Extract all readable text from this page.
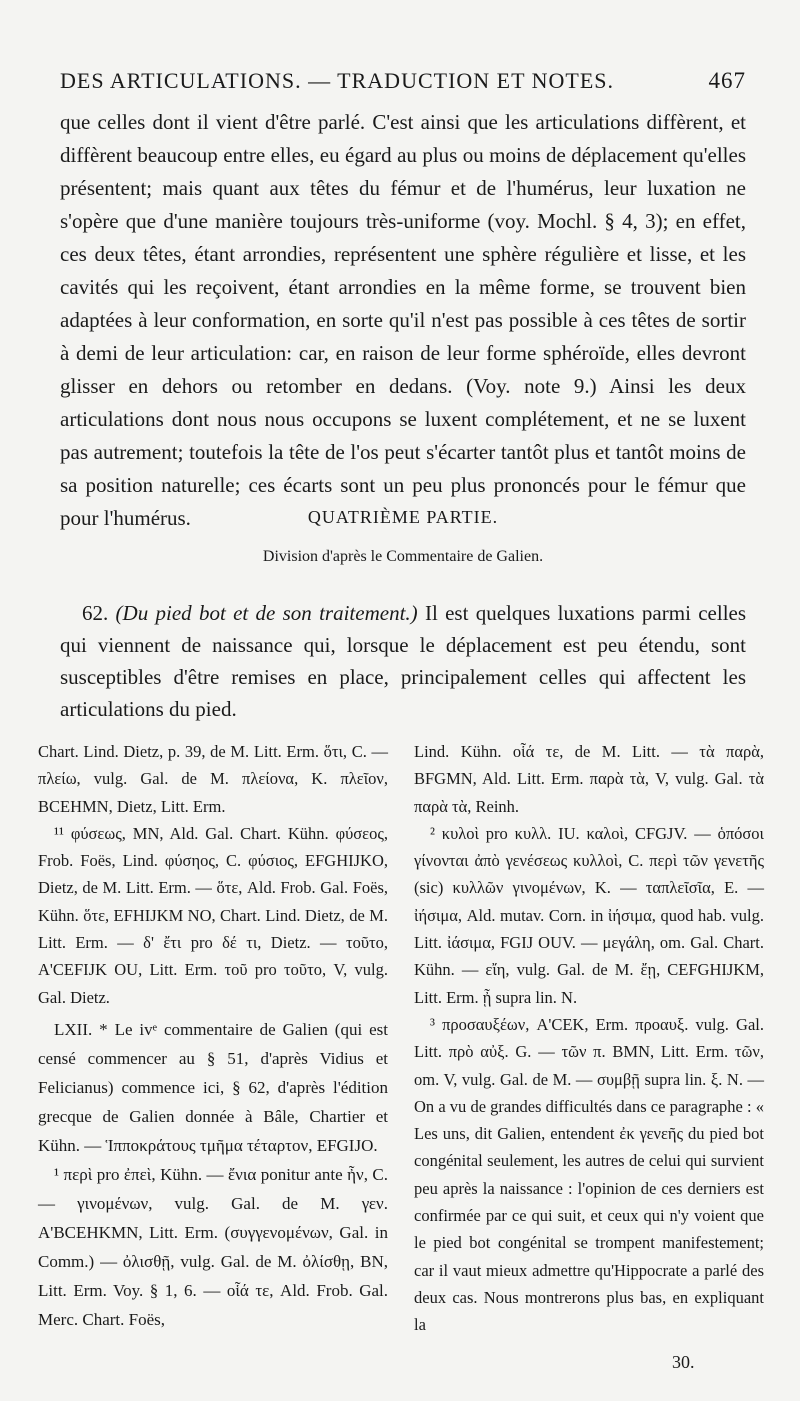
DES ARTICULATIONS. — TRADUCTION ET NOTES.	467

que celles dont il vient d'être parlé. C'est ainsi que les articulations diffèrent, et diffèrent beaucoup entre elles, eu égard au plus ou moins de déplacement qu'elles présentent; mais quant aux têtes du fémur et de l'humérus, leur luxation ne s'opère que d'une manière toujours très-uniforme (voy. Mochl. § 4, 3); en effet, ces deux têtes, étant arrondies, représentent une sphère régulière et lisse, et les cavités qui les reçoivent, étant arrondies en la même forme, se trouvent bien adaptées à leur conformation, en sorte qu'il n'est pas possible à ces têtes de sortir à demi de leur articulation: car, en raison de leur forme sphéroïde, elles devront glisser en dehors ou retomber en dedans. (Voy. note 9.) Ainsi les deux articulations dont nous nous occupons se luxent complétement, et ne se luxent pas autrement; toutefois la tête de l'os peut s'écarter tantôt plus et tantôt moins de sa position naturelle; ces écarts sont un peu plus prononcés pour le fémur que pour l'humérus.	QUATRIÈME PARTIE.
Division d'après le Commentaire de Galien.

62. (Du pied bot et de son traitement.) Il est quelques luxations parmi celles qui viennent de naissance qui, lorsque le déplacement est peu étendu, sont susceptibles d'être remises en place, principalement celles qui affectent les articulations du pied.

Chart. Lind. Dietz, p. 39, de M. Litt. Erm. ὅτι, C. — πλείω, vulg. Gal. de M. πλείονα, K. πλεῖον, BCEHMN, Dietz, Litt. Erm.

¹¹ φύσεως, MN, Ald. Gal. Chart. Kühn. φύσεος, Frob. Foës, Lind. φύσηος, C. φύσιος, EFGHIJKO, Dietz, de M. Litt. Erm. — ὅτε, Ald. Frob. Gal. Foës, Kühn. ὅτε, EFHIJKM NO, Chart. Lind. Dietz, de M. Litt. Erm. — δ' ἔτι pro δέ τι, Dietz. — τοῦτο, A'CEFIJK OU, Litt. Erm. τοῦ pro τοῦτο, V, vulg. Gal. Dietz.

LXII. * Le ivᵉ commentaire de Galien (qui est censé commencer au § 51, d'après Vidius et Felicianus) commence ici, § 62, d'après l'édition grecque de Galien donnée à Bâle, Chartier et Kühn. — Ἱπποκράτους τμῆμα τέταρτον, EFGIJO.

¹ περὶ pro ἐπεὶ, Kühn. — ἔνια ponitur ante ἦν, C. — γινομένων, vulg. Gal. de M. γεν. A'BCEHKMN, Litt. Erm. (συγγενομένων, Gal. in Comm.) — ὀλισθῇ, vulg. Gal. de M. ὀλίσθῃ, BN, Litt. Erm. Voy. § 1, 6. — οἷά τε, Ald. Frob. Gal. Merc. Chart. Foës,

Lind. Kühn. οἷά τε, de M. Litt. — τὰ παρὰ, BFGMN, Ald. Litt. Erm. παρὰ τὰ, V, vulg. Gal. τὰ παρὰ τὰ, Reinh.

² κυλοὶ pro κυλλ. IU. καλοὶ, CFGJV. — ὁπόσοι γίνονται ἀπὸ γενέσεως κυλλοὶ, C. περὶ τῶν γενετῆς (sic) κυλλῶν γινομένων, K. — ταπλεῖσῖα, E. — ἰήσιμα, Ald. mutav. Corn. in ἰήσιμα, quod hab. vulg. Litt. ἰάσιμα, FGIJ OUV. — μεγάλη, om. Gal. Chart. Kühn. — εἴη, vulg. Gal. de M. ἔῃ, CEFGHIJKM, Litt. Erm. ᾖ supra lin. N.

³ προσαυξέων, A'CEK, Erm. προαυξ. vulg. Gal. Litt. πρὸ αὐξ. G. — τῶν π. BMN, Litt. Erm. τῶν, om. V, vulg. Gal. de M. — συμβῇ supra lin. ξ. N. — On a vu de grandes difficultés dans ce paragraphe : « Les uns, dit Galien, entendent ἐκ γενεῆς du pied bot congénital seulement, les autres de celui qui survient peu après la naissance : l'opinion de ces derniers est confirmée par ce qui suit, et ceux qui n'y voient que le pied bot congénital se trompent manifestement; car il vaut mieux admettre qu'Hippocrate a parlé des deux cas. Nous montrerons plus bas, en expliquant la

30.
